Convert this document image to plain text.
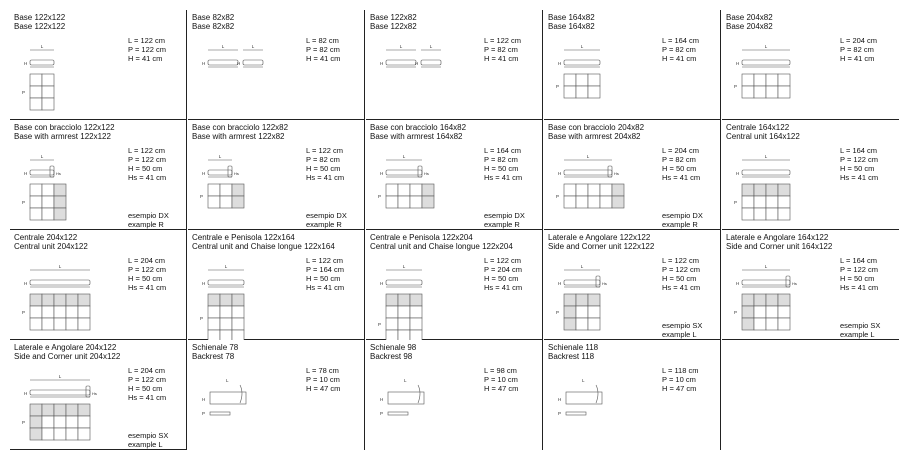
Base 122x122
Base 122x122
L = 122 cm
P = 122 cm
H = 41 cm
L
H
P
Base 82x82
Base 82x82
L = 82 cm
P = 82 cm
H = 41 cm
L
H
L
H
Base 122x82
Base 122x82
L = 122 cm
P = 82 cm
H = 41 cm
L
H
L
H
Base 164x82
Base 164x82
L = 164 cm
P = 82 cm
H = 41 cm
L
H
P
Base 204x82
Base 204x82
L = 204 cm
P = 82 cm
H = 41 cm
L
H
P
Base con bracciolo 122x122
Base with armrest 122x122
L = 122 cm
P = 122 cm
H = 50 cm
Hs = 41 cm
esempio DX
example R
L
H	Hs
P
Base con bracciolo 122x82
Base with armrest 122x82
L = 122 cm
P = 82 cm
H = 50 cm
Hs = 41 cm
esempio DX
example R
L
H	Hs
P
Base con bracciolo 164x82
Base with armrest 164x82
L = 164 cm
P = 82 cm
H = 50 cm
Hs = 41 cm
esempio DX
example R
L
H	Hs
P
Base con bracciolo 204x82
Base with armrest 204x82
L = 204 cm
P = 82 cm
H = 50 cm
Hs = 41 cm
esempio DX
example R
L
H	Hs
P
Centrale 164x122
Central unit 164x122
L = 164 cm
P = 122 cm
H = 50 cm
Hs = 41 cm
L
H
P
Centrale 204x122
Central unit 204x122
L = 204 cm
P = 122 cm
H = 50 cm
Hs = 41 cm
L
H
P
Centrale e Penisola 122x164
Central unit and Chaise longue 122x164
L = 122 cm
P = 164 cm
H = 50 cm
Hs = 41 cm
L
H
P
Centrale e Penisola 122x204
Central unit and Chaise longue 122x204
L = 122 cm
P = 204 cm
H = 50 cm
Hs = 41 cm
L
H
P
Laterale e Angolare 122x122
Side and Corner unit 122x122
L = 122 cm
P = 122 cm
H = 50 cm
Hs = 41 cm
esempio SX
example L
L
H	Hs
P
Laterale e Angolare 164x122
Side and Corner unit 164x122
L = 164 cm
P = 122 cm
H = 50 cm
Hs = 41 cm
esempio SX
example L
L
H	Hs
P
Laterale e Angolare 204x122
Side and Corner unit 204x122
L = 204 cm
P = 122 cm
H = 50 cm
Hs = 41 cm
esempio SX
example L
L
H	Hs
P
Schienale 78
Backrest 78
L = 78 cm
P = 10 cm
H = 47 cm
H
P
L
Schienale 98
Backrest 98
L = 98 cm
P = 10 cm
H = 47 cm
H
P
L
Schienale 118
Backrest 118
L = 118 cm
P = 10 cm
H = 47 cm
H
P
L
